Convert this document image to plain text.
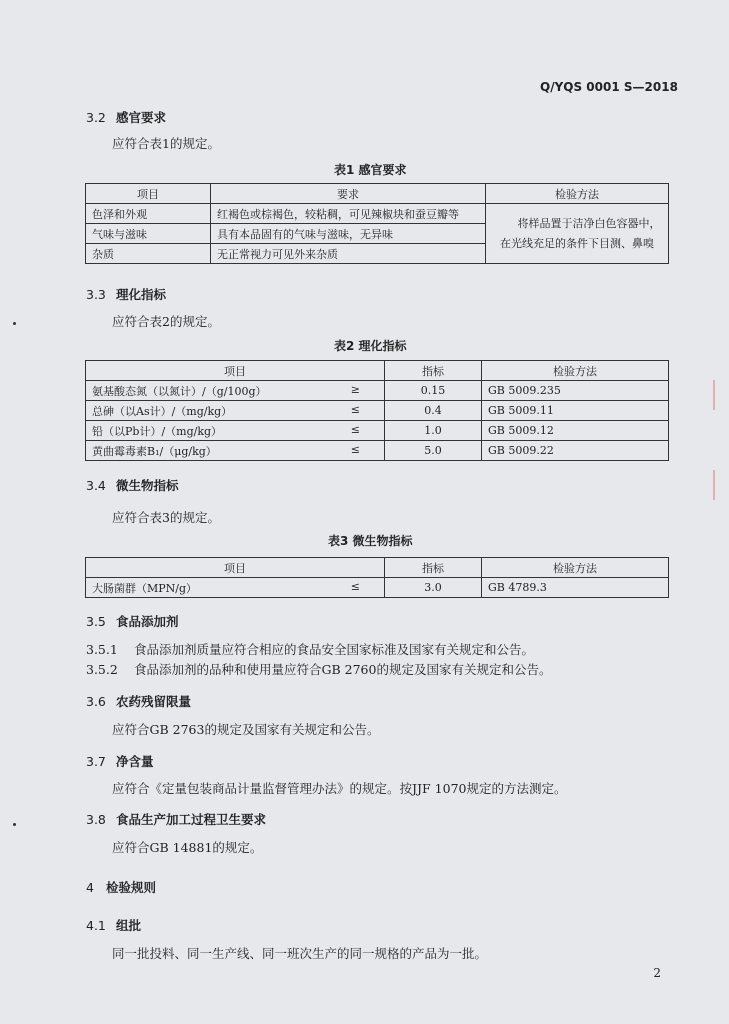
Q/YQS 0001 S—2018
3.2 感官要求
应符合表1的规定。
表1 感官要求
项目	要求	检验方法
色泽和外观	红褐色或棕褐色，较粘稠，可见辣椒块和蚕豆瓣等	将样品置于洁净白色容器中，
在光线充足的条件下目测、鼻嗅

气味与滋味	具有本品固有的气味与滋味，无异味	
杂质	无正常视力可见外来杂质	
3.3 理化指标
应符合表2的规定。
表2 理化指标
项目	指标	检验方法

氨基酸态氮（以氮计）/（g/100g） ≥	0.15	GB 5009.235

总砷（以As计）/（mg/kg） ≤	0.4	GB 5009.11

铅（以Pb计）/（mg/kg） ≤	1.0	GB 5009.12

黄曲霉毒素B₁/（μg/kg） ≤	5.0	GB 5009.22
3.4 微生物指标
应符合表3的规定。
表3 微生物指标
项目	指标	检验方法

大肠菌群（MPN/g） ≤	3.0	GB 4789.3
3.5 食品添加剂
3.5.1 食品添加剂质量应符合相应的食品安全国家标准及国家有关规定和公告。
3.5.2 食品添加剂的品种和使用量应符合GB 2760的规定及国家有关规定和公告。
3.6 农药残留限量
应符合GB 2763的规定及国家有关规定和公告。
3.7 净含量
应符合《定量包装商品计量监督管理办法》的规定。按JJF 1070规定的方法测定。
3.8 食品生产加工过程卫生要求
应符合GB 14881的规定。
4 检验规则
4.1 组批
同一批投料、同一生产线、同一班次生产的同一规格的产品为一批。
2
